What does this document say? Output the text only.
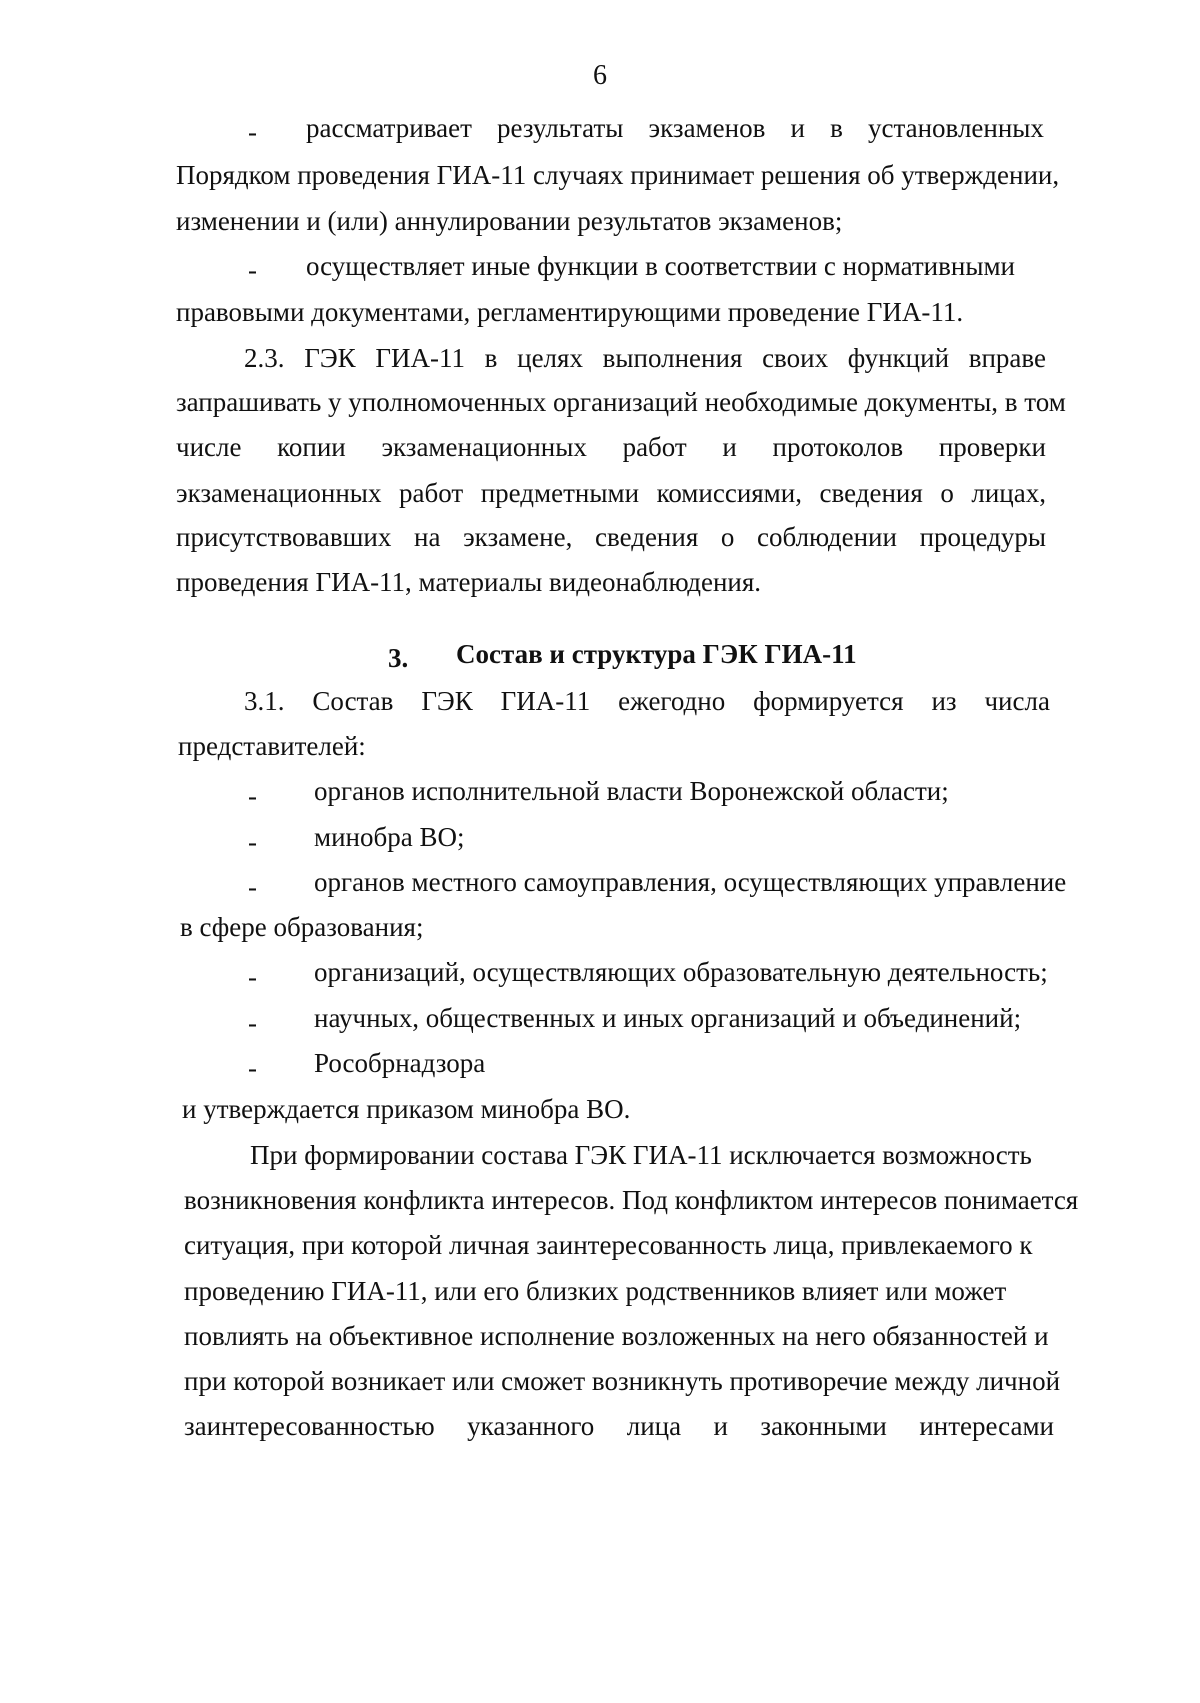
6
- рассматривает результаты экзаменов и в установленных
Порядком проведения ГИА-11 случаях принимает решения об утверждении,
изменении и (или) аннулировании результатов экзаменов;
- осуществляет иные функции в соответствии с нормативными
правовыми документами, регламентирующими проведение ГИА-11.
2.3. ГЭК ГИА-11 в целях выполнения своих функций вправе
запрашивать у уполномоченных организаций необходимые документы, в том
числе копии экзаменационных работ и протоколов проверки
экзаменационных работ предметными комиссиями, сведения о лицах,
присутствовавших на экзамене, сведения о соблюдении процедуры
проведения ГИА-11, материалы видеонаблюдения.
3. Состав и структура ГЭК ГИА-11
3.1. Состав ГЭК ГИА-11 ежегодно формируется из числа
представителей:
- органов исполнительной власти Воронежской области;
- минобра ВО;
- органов местного самоуправления, осуществляющих управление
в сфере образования;
- организаций, осуществляющих образовательную деятельность;
- научных, общественных и иных организаций и объединений;
- Рособрнадзора
и утверждается приказом минобра ВО.
При формировании состава ГЭК ГИА-11 исключается возможность
возникновения конфликта интересов. Под конфликтом интересов понимается
ситуация, при которой личная заинтересованность лица, привлекаемого к
проведению ГИА-11, или его близких родственников влияет или может
повлиять на объективное исполнение возложенных на него обязанностей и
при которой возникает или сможет возникнуть противоречие между личной
заинтересованностью указанного лица и законными интересами
